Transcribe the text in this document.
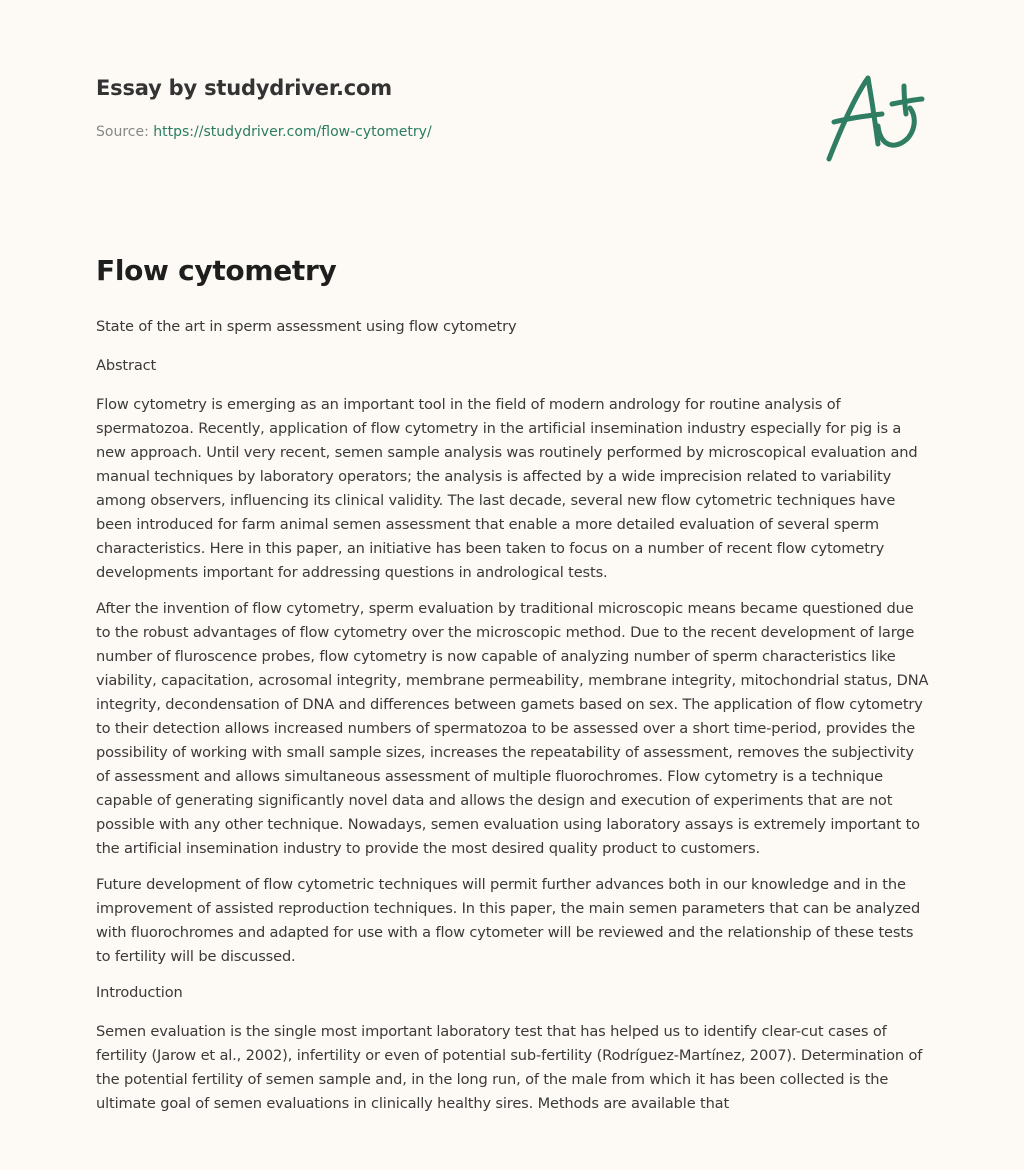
Essay by studydriver.com
Source: https://studydriver.com/flow-cytometry/
Flow cytometry

State of the art in sperm assessment using flow cytometry

Abstract

Flow cytometry is emerging as an important tool in the field of modern andrology for routine analysis of spermatozoa. Recently, application of flow cytometry in the artificial insemination industry especially for pig is a new approach. Until very recent, semen sample analysis was routinely performed by microscopical evaluation and manual techniques by laboratory operators; the analysis is affected by a wide imprecision related to variability among observers, influencing its clinical validity. The last decade, several new flow cytometric techniques have been introduced for farm animal semen assessment that enable a more detailed evaluation of several sperm characteristics. Here in this paper, an initiative has been taken to focus on a number of recent flow cytometry developments important for addressing questions in andrological tests.

After the invention of flow cytometry, sperm evaluation by traditional microscopic means became questioned due to the robust advantages of flow cytometry over the microscopic method. Due to the recent development of large number of fluroscence probes, flow cytometry is now capable of analyzing number of sperm characteristics like viability, capacitation, acrosomal integrity, membrane permeability, membrane integrity, mitochondrial status, DNA integrity, decondensation of DNA and differences between gamets based on sex. The application of flow cytometry to their detection allows increased numbers of spermatozoa to be assessed over a short time-period, provides the possibility of working with small sample sizes, increases the repeatability of assessment, removes the subjectivity of assessment and allows simultaneous assessment of multiple fluorochromes. Flow cytometry is a technique capable of generating significantly novel data and allows the design and execution of experiments that are not possible with any other technique. Nowadays, semen evaluation using laboratory assays is extremely important to the artificial insemination industry to provide the most desired quality product to customers.

Future development of flow cytometric techniques will permit further advances both in our knowledge and in the improvement of assisted reproduction techniques. In this paper, the main semen parameters that can be analyzed with fluorochromes and adapted for use with a flow cytometer will be reviewed and the relationship of these tests to fertility will be discussed.

Introduction

Semen evaluation is the single most important laboratory test that has helped us to identify clear-cut cases of fertility (Jarow et al., 2002), infertility or even of potential sub-fertility (Rodríguez-Martínez, 2007). Determination of the potential fertility of semen sample and, in the long run, of the male from which it has been collected is the ultimate goal of semen evaluations in clinically healthy sires. Methods are available that
